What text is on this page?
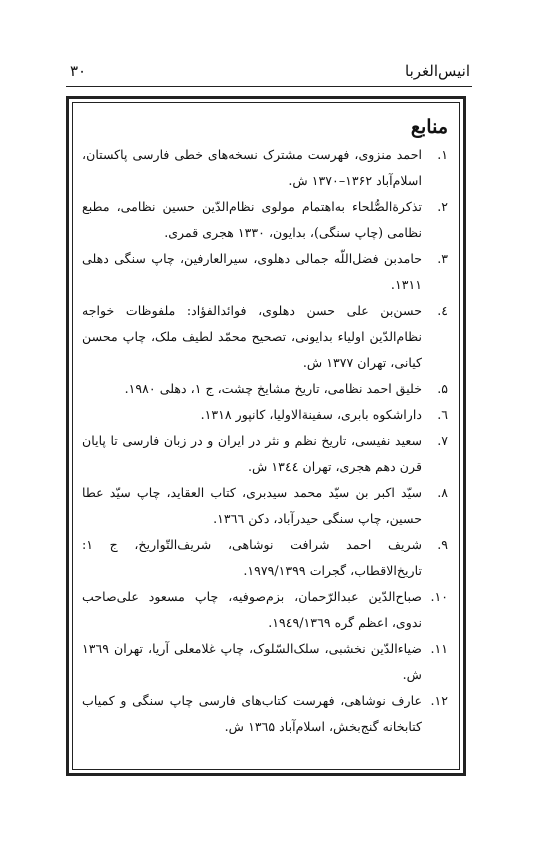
انیس‌الغربا
۳۰
منابع
۱.
احمد منزوی، فهرست مشترک نسخه‌های خطی فارسی پاکستان، اسلام‌آباد ۱۳۶۲–۱۳۷۰ ش.
۲.
تذکرةالصُّلحاء به‌اهتمام مولوی نظام‌الدّین حسین نظامی، مطبع نظامی (چاپ سنگی)، بدایون، ۱۳۳۰ هجری قمری.
۳.
حامدبن فضل‌اللّه جمالی دهلوی، سیرالعارفین، چاپ سنگی دهلی ۱۳۱۱.
٤.
حسن‌بن علی حسن دهلوی، فوائدالفؤاد: ملفوظات خواجه نظام‌الدّین اولیاء بدایونی، تصحیح محمّد لطیف ملک، چاپ محسن کیانی، تهران ۱۳۷۷ ش.
۵.
خلیق احمد نظامی، تاریخ مشایخ چشت، ج ۱، دهلی ۱۹۸۰.
٦.
داراشکوه بابری، سفینةالاولیا، کانپور ۱۳۱۸.
۷.
سعید نفیسی، تاریخ نظم و نثر در ایران و در زبان فارسی تا پایان قرن دهم هجری، تهران ۱۳٤٤ ش.
۸.
سیّد اکبر بن سیّد محمد سیدبری، کتاب العقاید، چاپ سیّد عطا حسین، چاپ سنگی حیدرآباد، دکن ۱۳٦٦.
۹.
شریف احمد شرافت نوشاهی، شریف‌التّواریخ، ج ۱: تاریخ‌الاقطاب، گجرات ۱۹۷۹/۱۳۹۹.
۱۰.
صباح‌الدّین عبدالرّحمان، بزم‌صوفیه، چاپ مسعود علی‌صاحب ندوی، اعظم گره ۱۹٤۹/۱۳٦۹.
۱۱.
ضیاءالدّین نخشبی، سلک‌السّلوک، چاپ غلامعلی آریا، تهران ۱۳٦۹ ش.
۱۲.
عارف نوشاهی، فهرست کتاب‌های فارسی چاپ سنگی و کمیاب کتابخانه گنج‌بخش، اسلام‌آباد ۱۳٦۵ ش.
